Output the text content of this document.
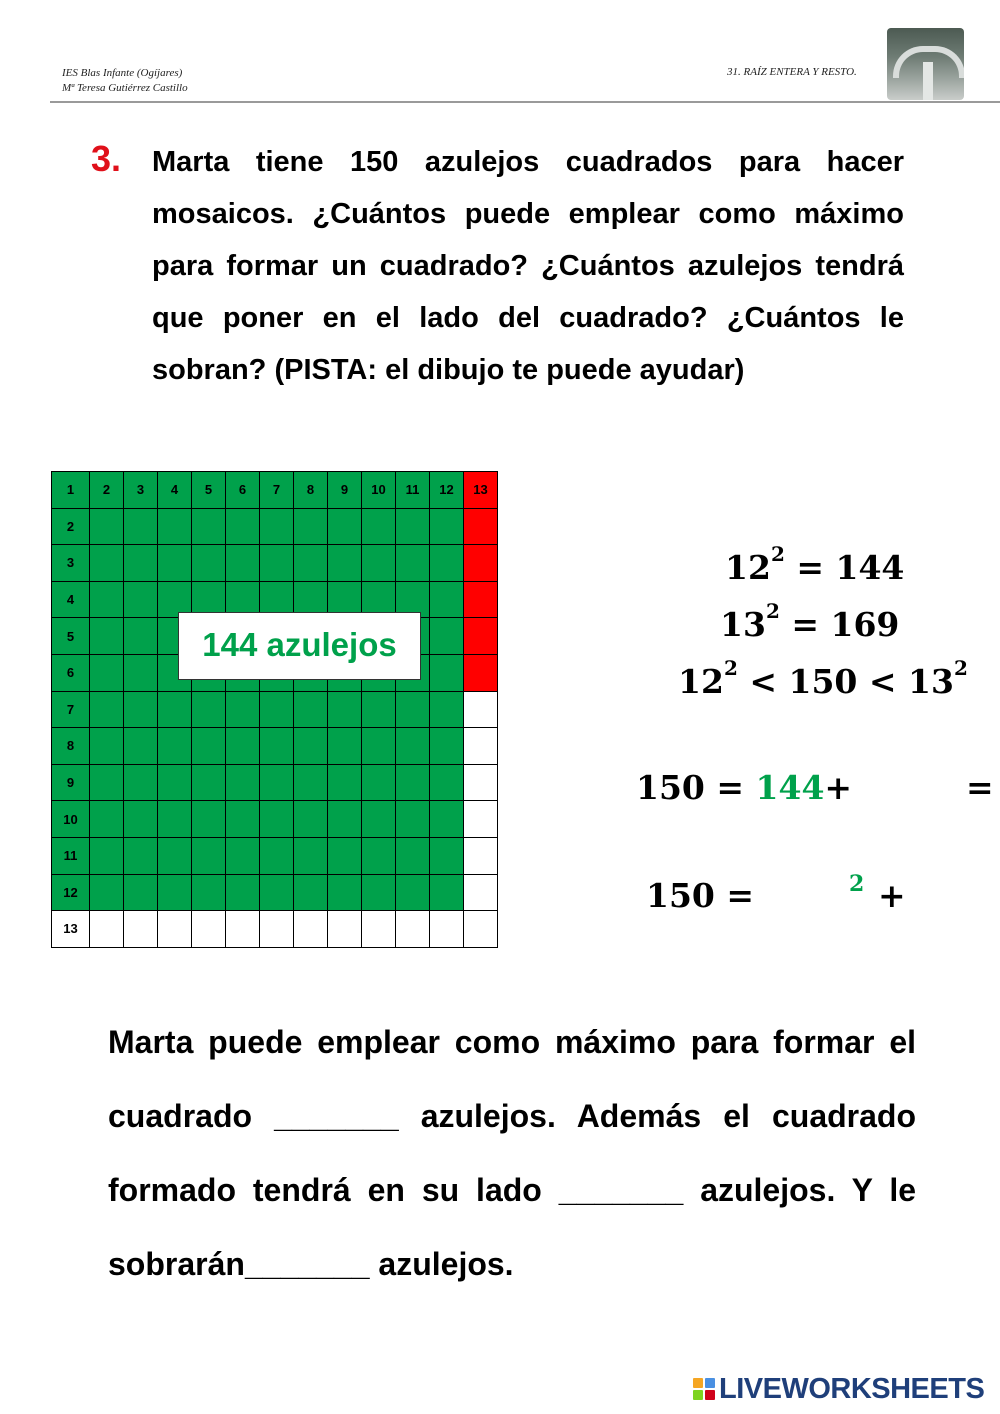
IES Blas Infante (Ogíjares)
Mª Teresa Gutiérrez Castillo
31. RAÍZ ENTERA Y RESTO.
3. Marta tiene 150 azulejos cuadrados para hacer mosaicos. ¿Cuántos puede emplear como máximo para formar un cuadrado? ¿Cuántos azulejos tendrá que poner en el lado del cuadrado? ¿Cuántos le sobran? (PISTA: el dibujo te puede ayudar)

1	2	3	4	5	6	7	8	9	10	11	12	13
2												
3												
4												
5												
6												
7												
8												
9												
10												
11												
12												
13												
144 azulejos
$12^2 = 144$
$13^2 = 169$
$12^2 < 150 < 13^2$
150 = 144+	=
150 =	2 +

Marta puede emplear como máximo para formar el cuadrado _______ azulejos. Además el cuadrado formado tendrá en su lado _______ azulejos. Y le sobrarán_______ azulejos.

LIVEWORKSHEETS
